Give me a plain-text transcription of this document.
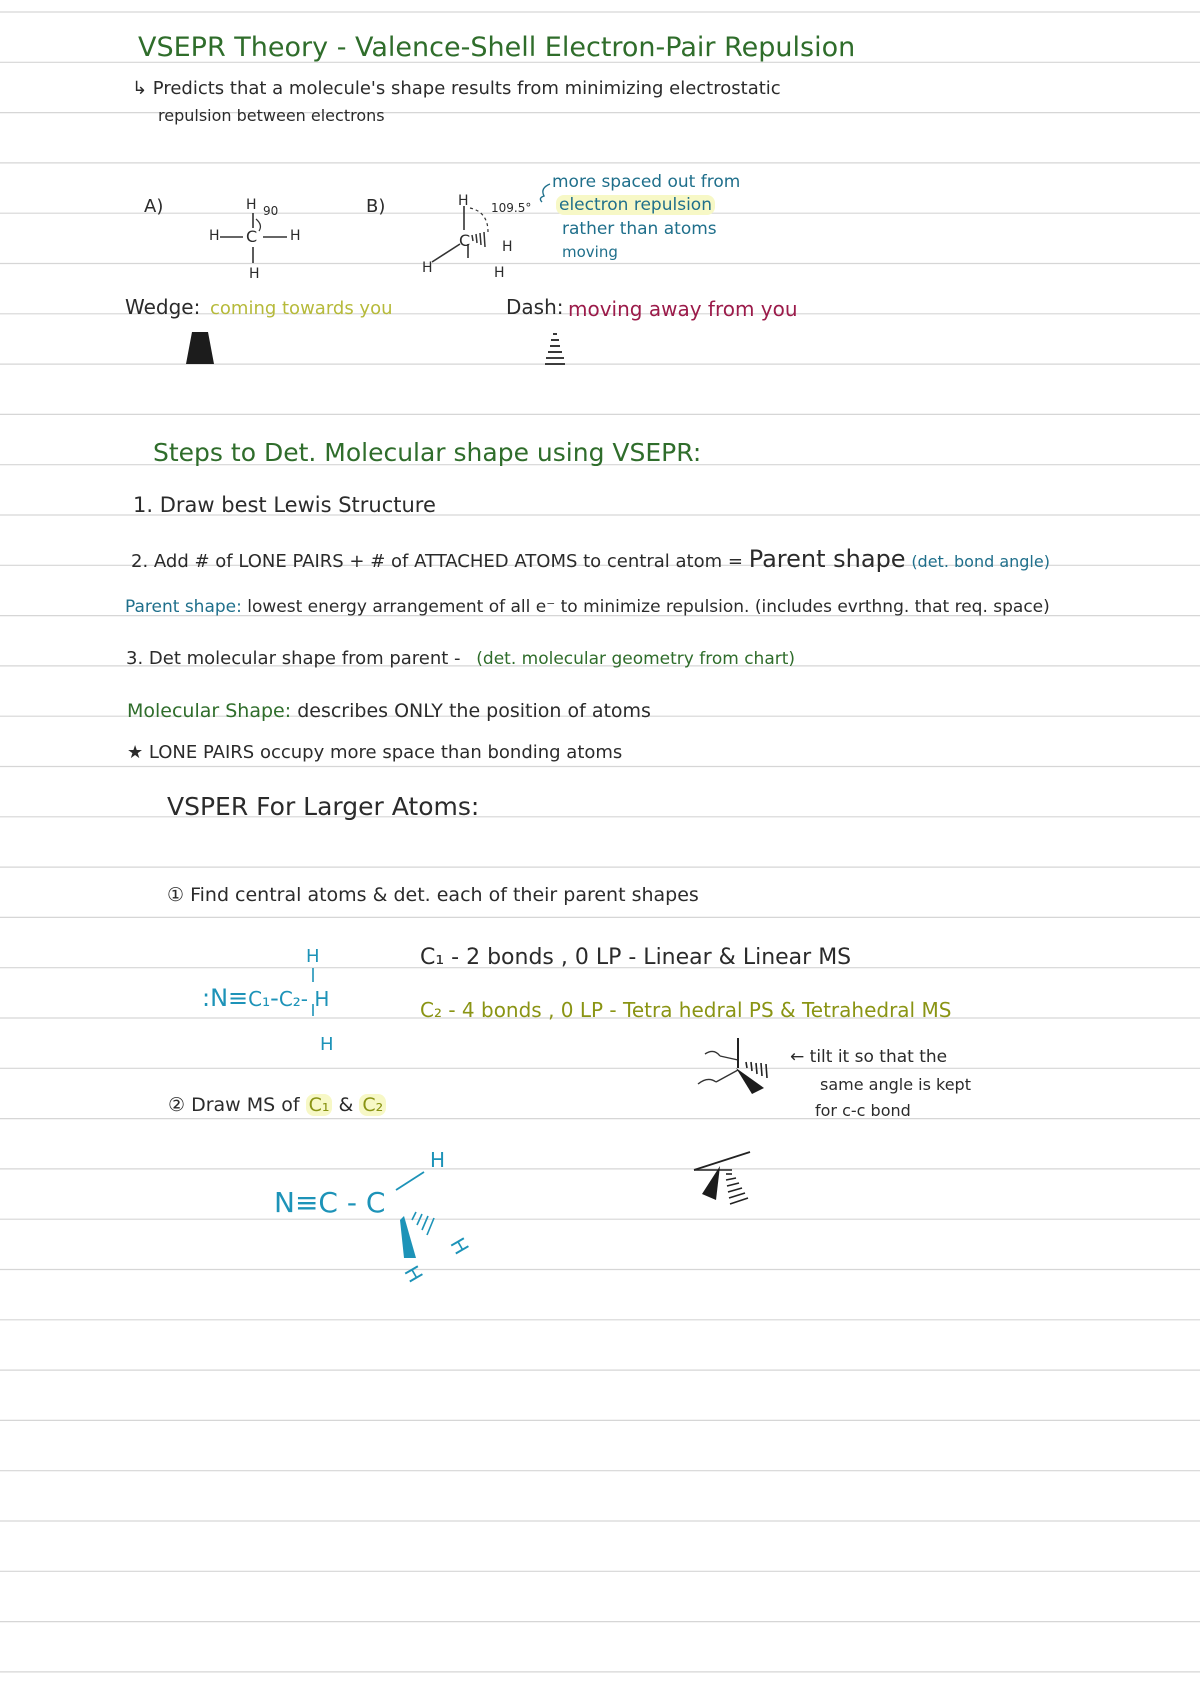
VSEPR Theory - Valence-Shell Electron-Pair Repulsion
↳ Predicts that a molecule's shape results from minimizing electrostatic
repulsion between electrons
A)	B)
H 90
H C H
H
H 109.5°
C H
H	H
more spaced out from
electron repulsion
rather than atoms
moving
Wedge: coming towards you	Dash: moving away from you
Steps to Det. Molecular shape using VSEPR:
1. Draw best Lewis Structure
2. Add # of LONE PAIRS + # of ATTACHED ATOMS to central atom = Parent shape (det. bond angle)
Parent shape: lowest energy arrangement of all e⁻ to minimize repulsion. (includes evrthng. that req. space)
3. Det molecular shape from parent - (det. molecular geometry from chart)
Molecular Shape: describes ONLY the position of atoms
★ LONE PAIRS occupy more space than bonding atoms
VSPER For Larger Atoms:
① Find central atoms & det. each of their parent shapes
H
:N≡C₁-C₂- H
H
C₁ - 2 bonds , 0 LP - Linear & Linear MS
C₂ - 4 bonds , 0 LP - Tetra hedral PS & Tetrahedral MS
← tilt it so that the
same angle is kept
for c-c bond
② Draw MS of C₁ & C₂
N≡C - C
H
H
H
